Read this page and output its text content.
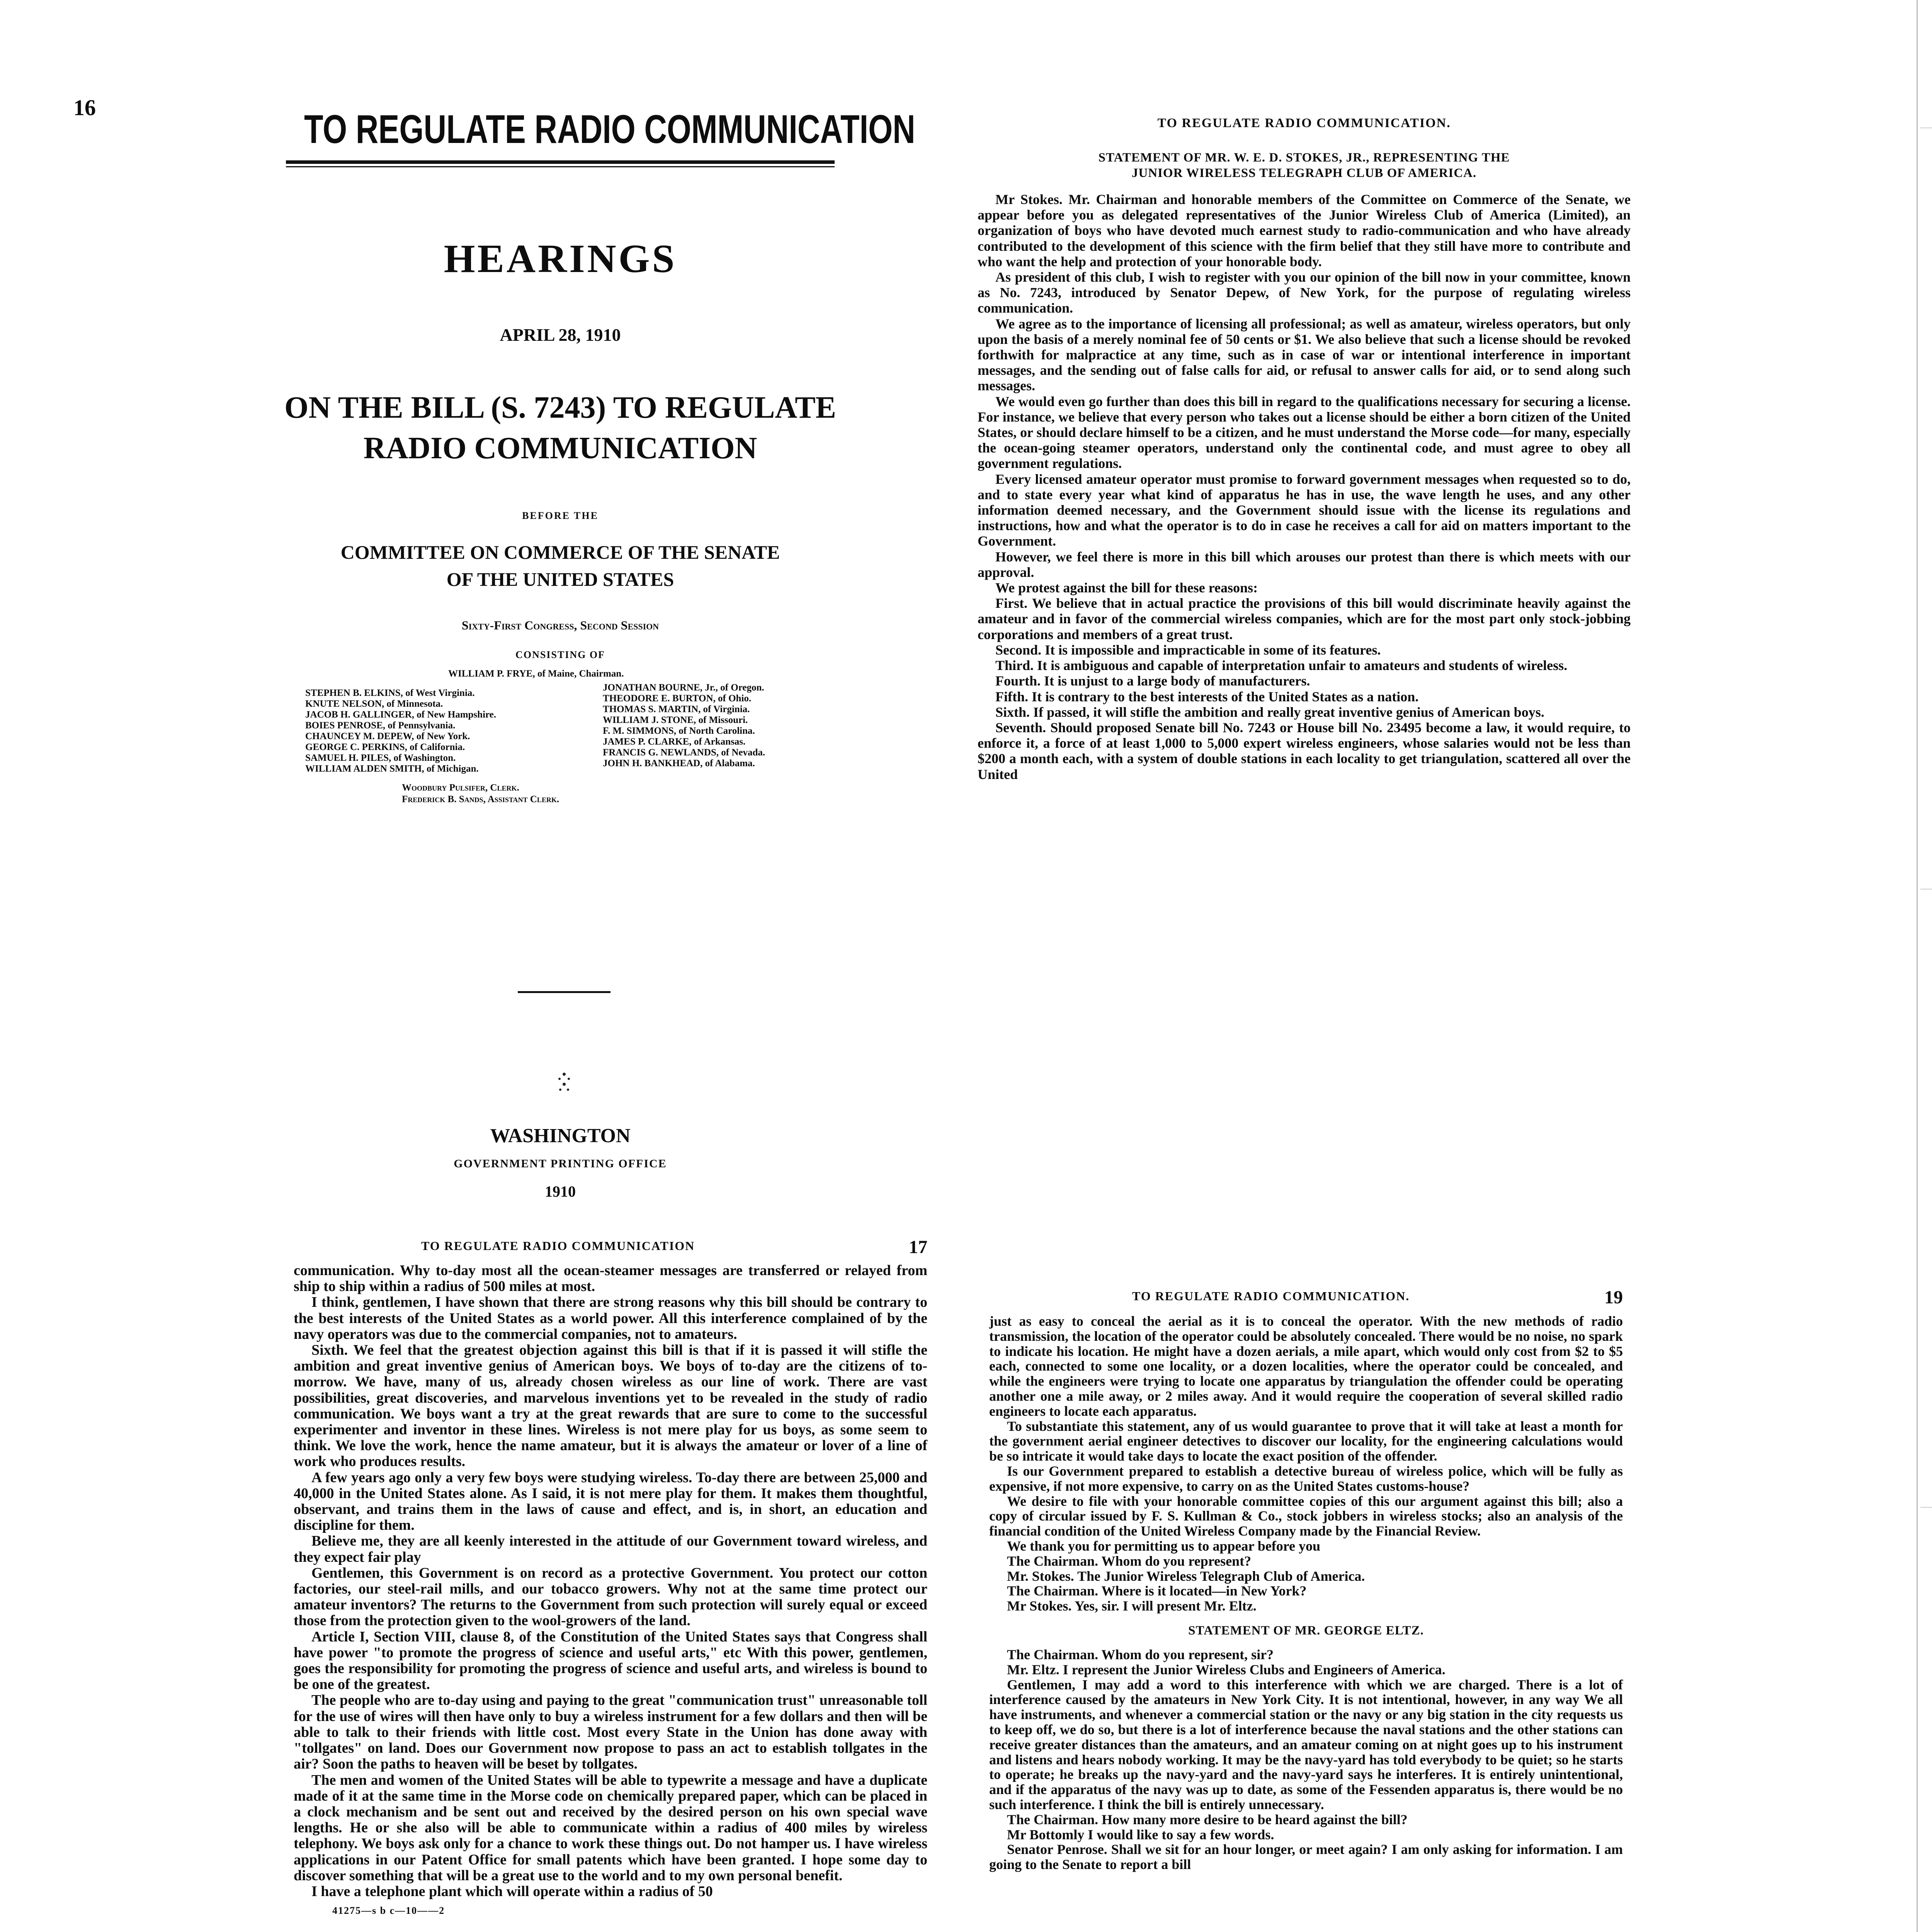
16	TO REGULATE RADIO COMMUNICATION
HEARINGS
APRIL 28, 1910
ON THE BILL (S. 7243) TO REGULATE
RADIO COMMUNICATION
BEFORE THE
COMMITTEE ON COMMERCE OF THE SENATE
OF THE UNITED STATES
Sixty-First Congress, Second Session
CONSISTING OF
WILLIAM P. FRYE, of Maine, Chairman.
STEPHEN B. ELKINS, of West Virginia.
KNUTE NELSON, of Minnesota.
JACOB H. GALLINGER, of New Hampshire.
BOIES PENROSE, of Pennsylvania.
CHAUNCEY M. DEPEW, of New York.
GEORGE C. PERKINS, of California.
SAMUEL H. PILES, of Washington.
WILLIAM ALDEN SMITH, of Michigan.
JONATHAN BOURNE, Jr., of Oregon.
THEODORE E. BURTON, of Ohio.
THOMAS S. MARTIN, of Virginia.
WILLIAM J. STONE, of Missouri.
F. M. SIMMONS, of North Carolina.
JAMES P. CLARKE, of Arkansas.
FRANCIS G. NEWLANDS, of Nevada.
JOHN H. BANKHEAD, of Alabama.
Woodbury Pulsifer, Clerk.
Frederick B. Sands, Assistant Clerk.
WASHINGTON
GOVERNMENT PRINTING OFFICE
1910
TO REGULATE RADIO COMMUNICATION.
STATEMENT OF MR. W. E. D. STOKES, JR., REPRESENTING THE
JUNIOR WIRELESS TELEGRAPH CLUB OF AMERICA.

Mr Stokes. Mr. Chairman and honorable members of the Committee on Commerce of the Senate, we appear before you as delegated representatives of the Junior Wireless Club of America (Limited), an organization of boys who have devoted much earnest study to radio-communication and who have already contributed to the development of this science with the firm belief that they still have more to contribute and who want the help and protection of your honorable body.

As president of this club, I wish to register with you our opinion of the bill now in your committee, known as No. 7243, introduced by Senator Depew, of New York, for the purpose of regulating wireless communication.

We agree as to the importance of licensing all professional; as well as amateur, wireless operators, but only upon the basis of a merely nominal fee of 50 cents or $1. We also believe that such a license should be revoked forthwith for malpractice at any time, such as in case of war or intentional interference in important messages, and the sending out of false calls for aid, or refusal to answer calls for aid, or to send along such messages.

We would even go further than does this bill in regard to the qualifications necessary for securing a license. For instance, we believe that every person who takes out a license should be either a born citizen of the United States, or should declare himself to be a citizen, and he must understand the Morse code—for many, especially the ocean-going steamer operators, understand only the continental code, and must agree to obey all government regulations.

Every licensed amateur operator must promise to forward government messages when requested so to do, and to state every year what kind of apparatus he has in use, the wave length he uses, and any other information deemed necessary, and the Government should issue with the license its regulations and instructions, how and what the operator is to do in case he receives a call for aid on matters important to the Government.

However, we feel there is more in this bill which arouses our protest than there is which meets with our approval.

We protest against the bill for these reasons:

First. We believe that in actual practice the provisions of this bill would discriminate heavily against the amateur and in favor of the commercial wireless companies, which are for the most part only stock-jobbing corporations and members of a great trust.

Second. It is impossible and impracticable in some of its features.

Third. It is ambiguous and capable of interpretation unfair to amateurs and students of wireless.

Fourth. It is unjust to a large body of manufacturers.

Fifth. It is contrary to the best interests of the United States as a nation.

Sixth. If passed, it will stifle the ambition and really great inventive genius of American boys.

Seventh. Should proposed Senate bill No. 7243 or House bill No. 23495 become a law, it would require, to enforce it, a force of at least 1,000 to 5,000 expert wireless engineers, whose salaries would not be less than $200 a month each, with a system of double stations in each locality to get triangulation, scattered all over the United

TO REGULATE RADIO COMMUNICATION	17

communication. Why to-day most all the ocean-steamer messages are transferred or relayed from ship to ship within a radius of 500 miles at most.

I think, gentlemen, I have shown that there are strong reasons why this bill should be contrary to the best interests of the United States as a world power. All this interference complained of by the navy operators was due to the commercial companies, not to amateurs.

Sixth. We feel that the greatest objection against this bill is that if it is passed it will stifle the ambition and great inventive genius of American boys. We boys of to-day are the citizens of to-morrow. We have, many of us, already chosen wireless as our line of work. There are vast possibilities, great discoveries, and marvelous inventions yet to be revealed in the study of radio communication. We boys want a try at the great rewards that are sure to come to the successful experimenter and inventor in these lines. Wireless is not mere play for us boys, as some seem to think. We love the work, hence the name amateur, but it is always the amateur or lover of a line of work who produces results.

A few years ago only a very few boys were studying wireless. To-day there are between 25,000 and 40,000 in the United States alone. As I said, it is not mere play for them. It makes them thoughtful, observant, and trains them in the laws of cause and effect, and is, in short, an education and discipline for them.

Believe me, they are all keenly interested in the attitude of our Government toward wireless, and they expect fair play

Gentlemen, this Government is on record as a protective Government. You protect our cotton factories, our steel-rail mills, and our tobacco growers. Why not at the same time protect our amateur inventors? The returns to the Government from such protection will surely equal or exceed those from the protection given to the wool-growers of the land.

Article I, Section VIII, clause 8, of the Constitution of the United States says that Congress shall have power "to promote the progress of science and useful arts," etc With this power, gentlemen, goes the responsibility for promoting the progress of science and useful arts, and wireless is bound to be one of the greatest.

The people who are to-day using and paying to the great "communication trust" unreasonable toll for the use of wires will then have only to buy a wireless instrument for a few dollars and then will be able to talk to their friends with little cost. Most every State in the Union has done away with "tollgates" on land. Does our Government now propose to pass an act to establish tollgates in the air? Soon the paths to heaven will be beset by tollgates.

The men and women of the United States will be able to typewrite a message and have a duplicate made of it at the same time in the Morse code on chemically prepared paper, which can be placed in a clock mechanism and be sent out and received by the desired person on his own special wave lengths. He or she also will be able to communicate within a radius of 400 miles by wireless telephony. We boys ask only for a chance to work these things out. Do not hamper us. I have wireless applications in our Patent Office for small patents which have been granted. I hope some day to discover something that will be a great use to the world and to my own personal benefit.

I have a telephone plant which will operate within a radius of 50

41275—s b c—10——2
TO REGULATE RADIO COMMUNICATION.	19

just as easy to conceal the aerial as it is to conceal the operator. With the new methods of radio transmission, the location of the operator could be absolutely concealed. There would be no noise, no spark to indicate his location. He might have a dozen aerials, a mile apart, which would only cost from $2 to $5 each, connected to some one locality, or a dozen localities, where the operator could be concealed, and while the engineers were trying to locate one apparatus by triangulation the offender could be operating another one a mile away, or 2 miles away. And it would require the cooperation of several skilled radio engineers to locate each apparatus.

To substantiate this statement, any of us would guarantee to prove that it will take at least a month for the government aerial engineer detectives to discover our locality, for the engineering calculations would be so intricate it would take days to locate the exact position of the offender.

Is our Government prepared to establish a detective bureau of wireless police, which will be fully as expensive, if not more expensive, to carry on as the United States customs-house?

We desire to file with your honorable committee copies of this our argument against this bill; also a copy of circular issued by F. S. Kullman & Co., stock jobbers in wireless stocks; also an analysis of the financial condition of the United Wireless Company made by the Financial Review.

We thank you for permitting us to appear before you

The Chairman. Whom do you represent?

Mr. Stokes. The Junior Wireless Telegraph Club of America.

The Chairman. Where is it located—in New York?

Mr Stokes. Yes, sir. I will present Mr. Eltz.

STATEMENT OF MR. GEORGE ELTZ.

The Chairman. Whom do you represent, sir?

Mr. Eltz. I represent the Junior Wireless Clubs and Engineers of America.

Gentlemen, I may add a word to this interference with which we are charged. There is a lot of interference caused by the amateurs in New York City. It is not intentional, however, in any way We all have instruments, and whenever a commercial station or the navy or any big station in the city requests us to keep off, we do so, but there is a lot of interference because the naval stations and the other stations can receive greater distances than the amateurs, and an amateur coming on at night goes up to his instrument and listens and hears nobody working. It may be the navy-yard has told everybody to be quiet; so he starts to operate; he breaks up the navy-yard and the navy-yard says he interferes. It is entirely unintentional, and if the apparatus of the navy was up to date, as some of the Fessenden apparatus is, there would be no such interference. I think the bill is entirely unnecessary.

The Chairman. How many more desire to be heard against the bill?

Mr Bottomly I would like to say a few words.

Senator Penrose. Shall we sit for an hour longer, or meet again? I am only asking for information. I am going to the Senate to report a bill
